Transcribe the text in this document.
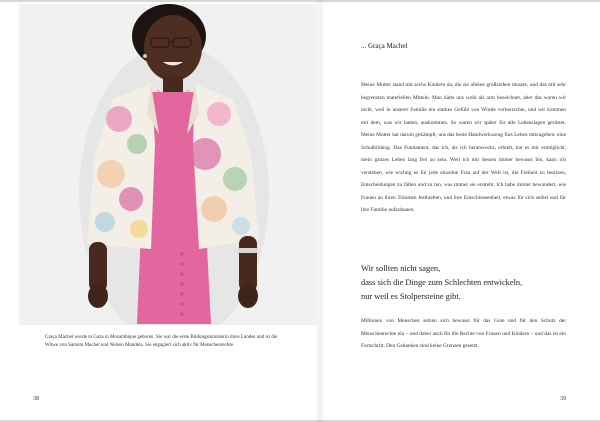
Graça Machel wurde in Gaza in Mosambique geboren. Sie war die erste Bildungsministerin ihres Landes und ist die Witwe von Samora Machel und Nelson Mandela. Sie engagiert sich aktiv für Menschenrechte.
38
... Graça Machel
Meine Mutter stand mit sechs Kindern da, die sie alleine großziehen musste, und das mit sehr begrenzten materiellen Mitteln. Man hätte uns wohl als arm bezeichnet, aber das waren wir nicht, weil in unserer Familie ein starkes Gefühl von Würde vorherrschte, und wir kommen mit dem, was wir hatten, auskommen. So waren wir später für alle Lebenslagen gerüstet. Meine Mutter hat darum gekämpft, uns das beste Handwerkszeug fürs Leben mitzugeben: eine Schulbildung. Das Fundament, das ich, als ich heranwuchs, erhielt, hat es mir ermöglicht, mein ganzes Leben lang frei zu sein. Weil ich mir dessen immer bewusst bin, kann ich verstehen, wie wichtig es für jede einzelne Frau auf der Welt ist, die Freiheit zu besitzen, Entscheidungen zu fällen und zu tun, was immer sie erstrebt. Ich habe immer bewundert, wie Frauen an ihren Träumen festhielten, und ihre Entschlossenheit, etwas für sich selbst und für ihre Familie aufzubauen.
Wir sollten nicht sagen,
dass sich die Dinge zum Schlechten entwickeln,
nur weil es Stolpersteine gibt.
Millionen von Menschen setzen sich bewusst für das Gute und für den Schutz der Menschenrechte ein – und dabei auch für die Rechte von Frauen und Kindern – und das ist ein Fortschritt. Den Gedanken sind keine Grenzen gesetzt.
39
